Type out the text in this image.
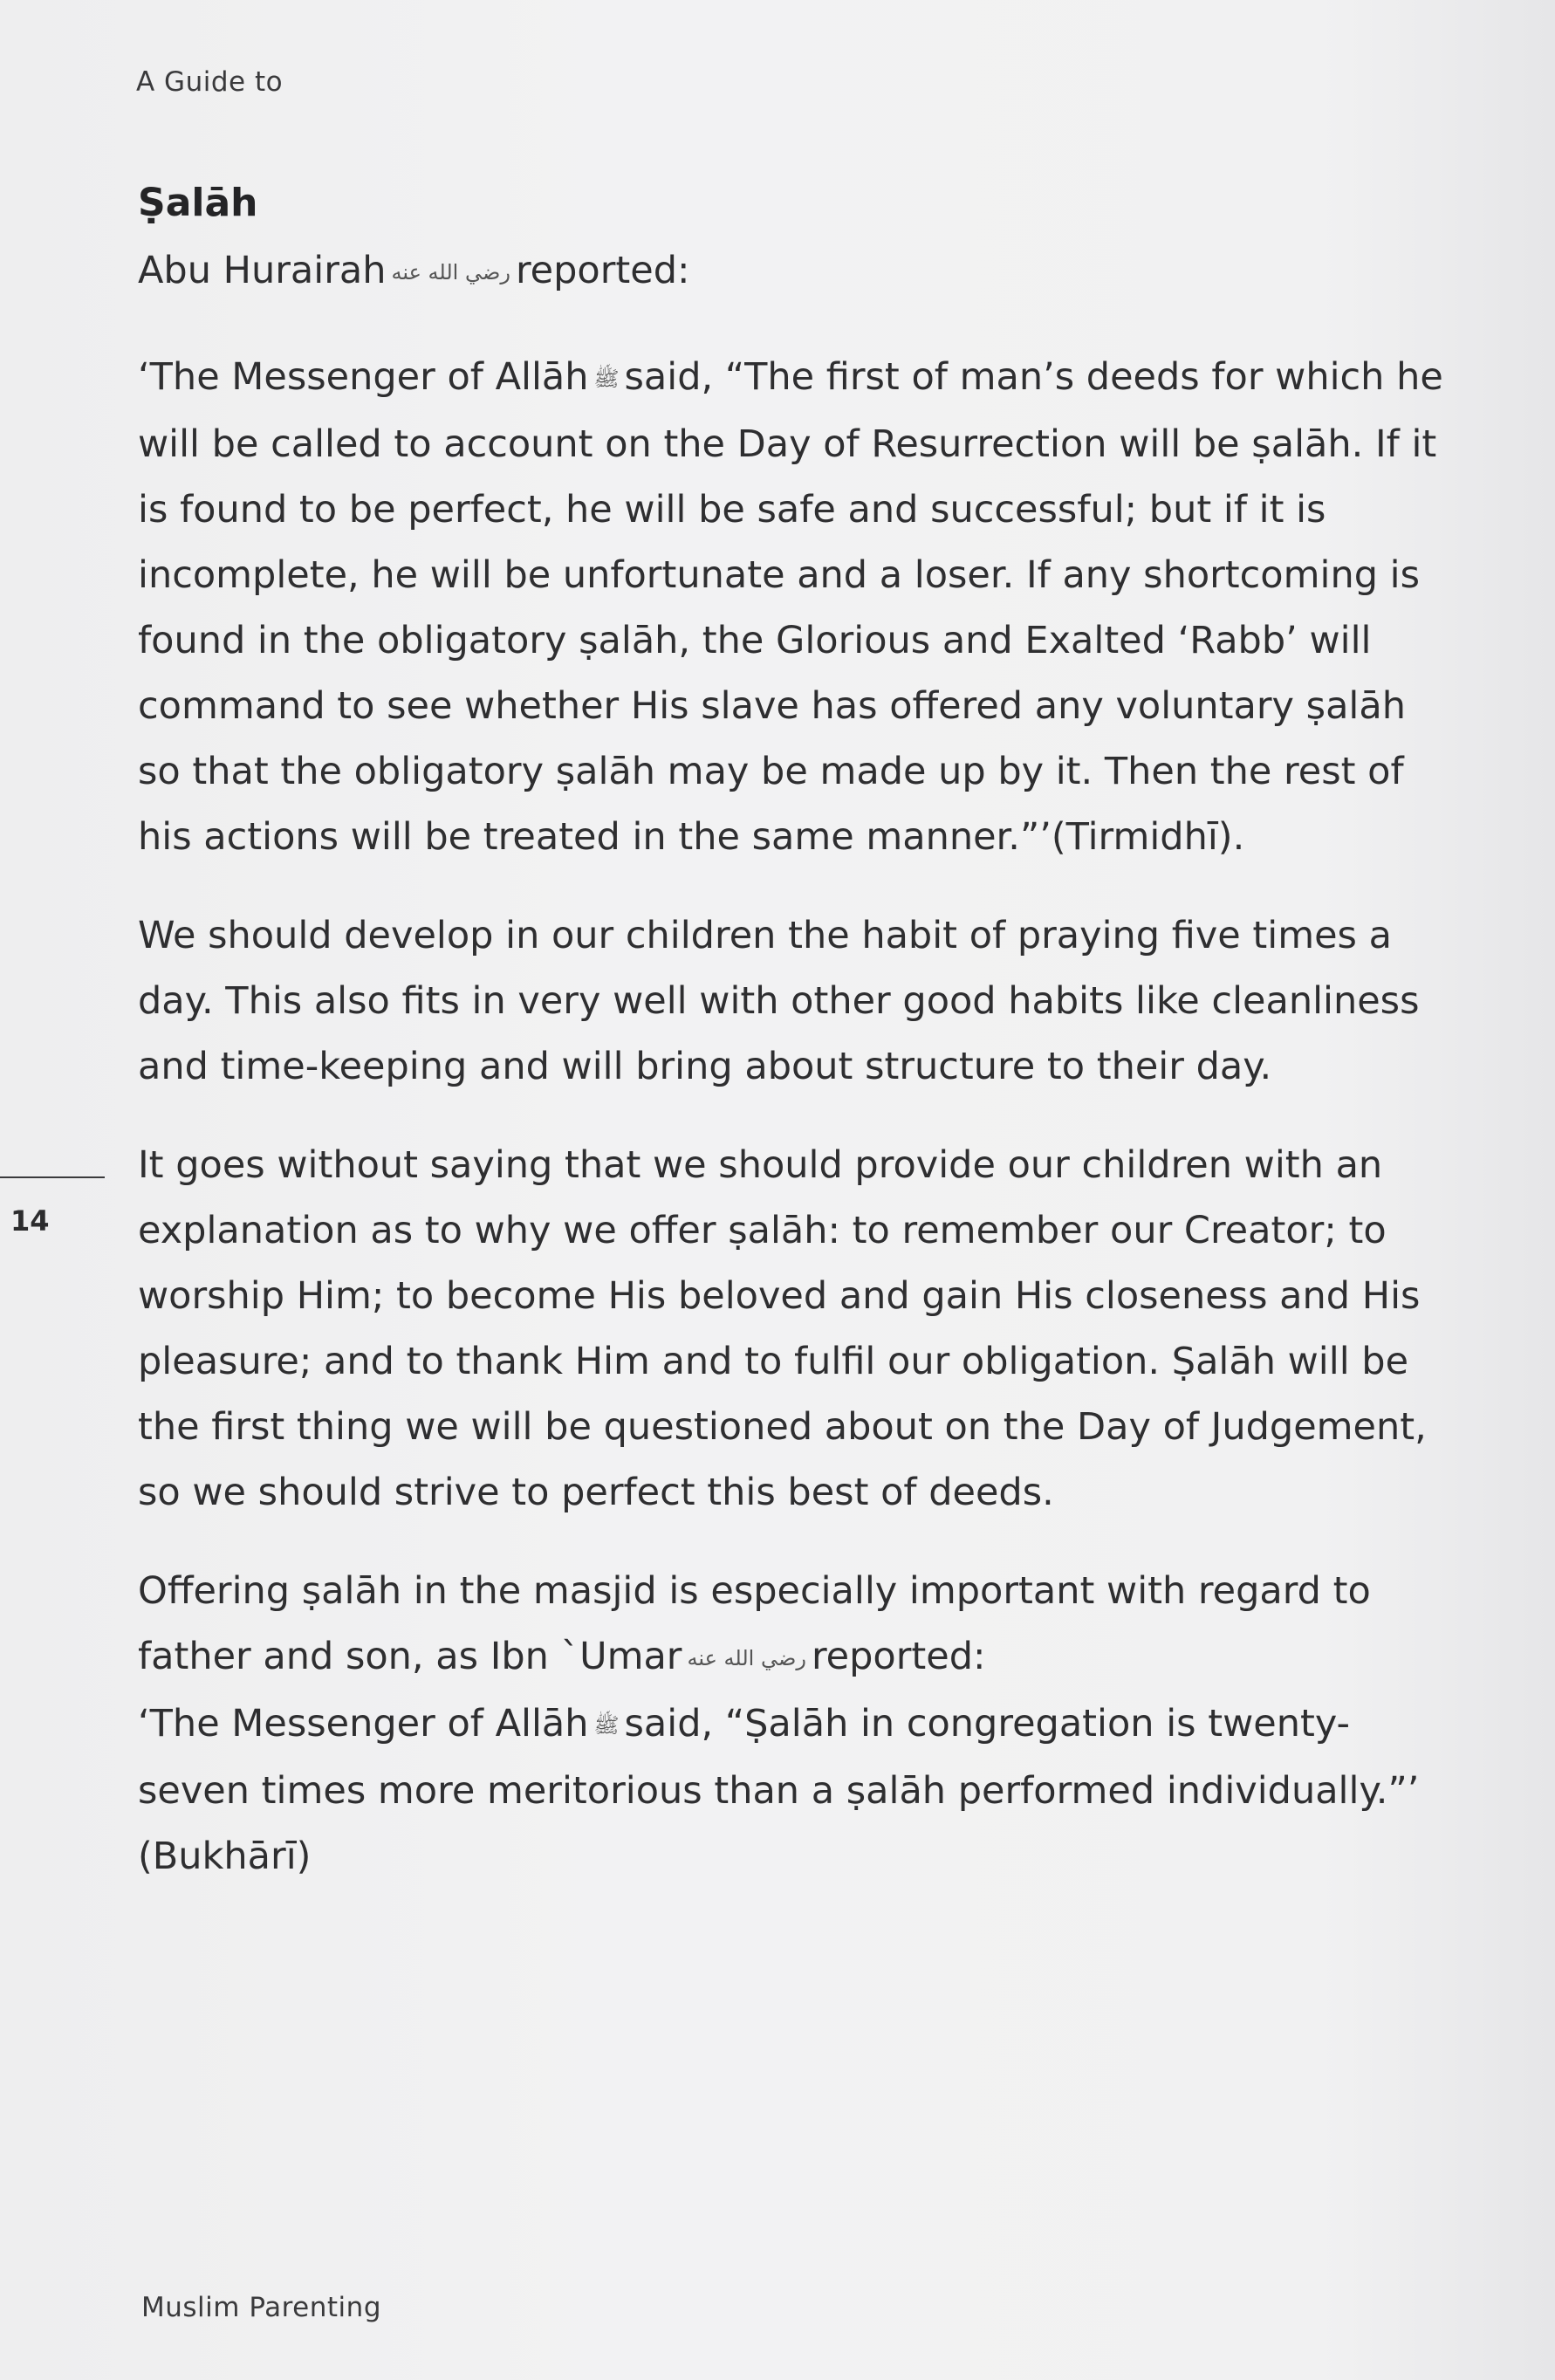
A Guide to
Ṣalāh

Abu Hurairah رضي الله عنه reported:

‘The Messenger of Allāh ﷺ said, “The first of man’s deeds for which he will be called to account on the Day of Resurrection will be ṣalāh. If it is found to be perfect, he will be safe and successful; but if it is incomplete, he will be unfortunate and a loser. If any shortcoming is found in the obligatory ṣalāh, the Glorious and Exalted ‘Rabb’ will command to see whether His slave has offered any voluntary ṣalāh so that the obligatory ṣalāh may be made up by it. Then the rest of his actions will be treated in the same manner.”’(Tirmidhī).

We should develop in our children the habit of praying five times a day. This also fits in very well with other good habits like cleanliness and time-keeping and will bring about structure to their day.

It goes without saying that we should provide our children with an explanation as to why we offer ṣalāh: to remember our Creator; to worship Him; to become His beloved and gain His closeness and His pleasure; and to thank Him and to fulfil our obligation. Ṣalāh will be the first thing we will be questioned about on the Day of Judgement, so we should strive to perfect this best of deeds.

Offering ṣalāh in the masjid is especially important with regard to father and son, as Ibn `Umar رضي الله عنه reported:
‘The Messenger of Allāh ﷺ said, “Ṣalāh in congregation is twenty-seven times more meritorious than a ṣalāh performed individually.”’ (Bukhārī)

14
Muslim Parenting
